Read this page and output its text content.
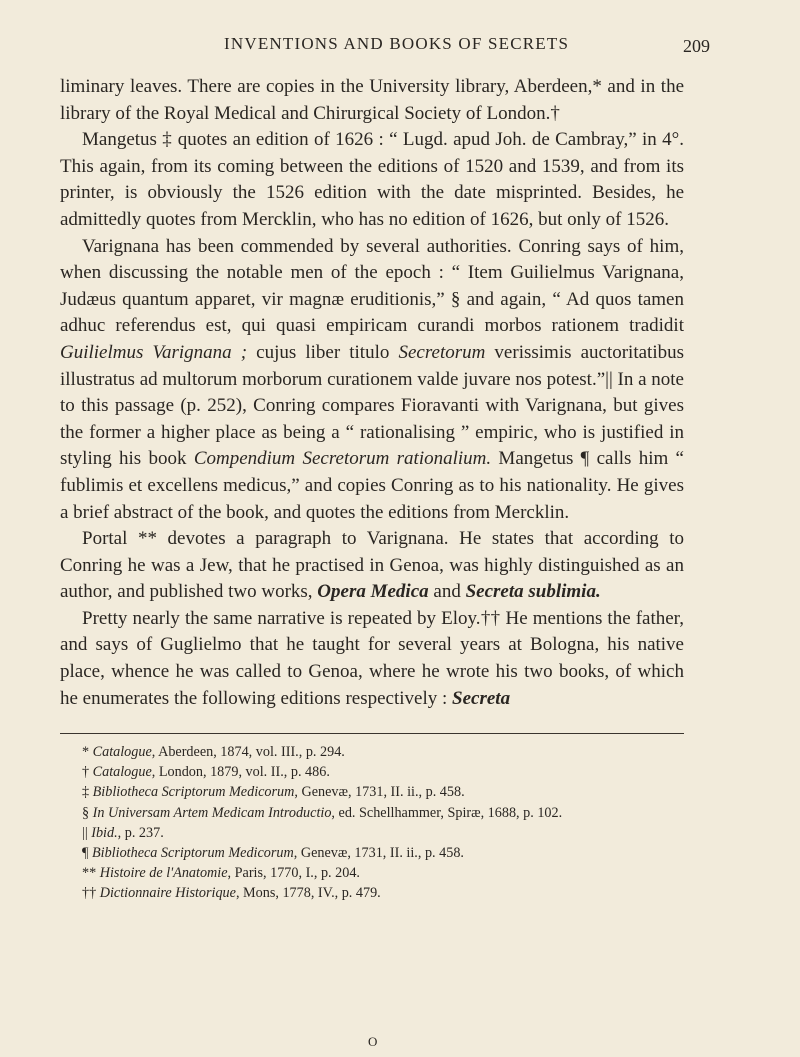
INVENTIONS AND BOOKS OF SECRETS	209

liminary leaves. There are copies in the University library, Aberdeen,* and in the library of the Royal Medical and Chirurgical Society of London.†

Mangetus ‡ quotes an edition of 1626 : “ Lugd. apud Joh. de Cambray,” in 4°. This again, from its coming between the editions of 1520 and 1539, and from its printer, is obviously the 1526 edition with the date misprinted. Besides, he admittedly quotes from Mercklin, who has no edition of 1626, but only of 1526.

Varignana has been commended by several authorities. Conring says of him, when discussing the notable men of the epoch : “ Item Guilielmus Varignana, Judæus quantum apparet, vir magnæ eruditionis,” § and again, “ Ad quos tamen adhuc referendus est, qui quasi empiricam curandi morbos rationem tradidit Guilielmus Varignana ; cujus liber titulo Secretorum verissimis auctoritatibus illustratus ad multorum morborum curationem valde juvare nos potest.”|| In a note to this passage (p. 252), Conring compares Fioravanti with Varignana, but gives the former a higher place as being a “ rationalising ” empiric, who is justified in styling his book Compendium Secretorum rationalium. Mangetus ¶ calls him “ fublimis et excellens medicus,” and copies Conring as to his nationality. He gives a brief abstract of the book, and quotes the editions from Mercklin.

Portal ** devotes a paragraph to Varignana. He states that according to Conring he was a Jew, that he practised in Genoa, was highly distinguished as an author, and published two works, Opera Medica and Secreta sublimia.

Pretty nearly the same narrative is repeated by Eloy.†† He mentions the father, and says of Guglielmo that he taught for several years at Bologna, his native place, whence he was called to Genoa, where he wrote his two books, of which he enumerates the following editions respectively : Secreta

* Catalogue, Aberdeen, 1874, vol. III., p. 294.
† Catalogue, London, 1879, vol. II., p. 486.
‡ Bibliotheca Scriptorum Medicorum, Genevæ, 1731, II. ii., p. 458.
§ In Universam Artem Medicam Introductio, ed. Schellhammer, Spiræ, 1688, p. 102.
|| Ibid., p. 237.
¶ Bibliotheca Scriptorum Medicorum, Genevæ, 1731, II. ii., p. 458.
** Histoire de l'Anatomie, Paris, 1770, I., p. 204.
†† Dictionnaire Historique, Mons, 1778, IV., p. 479.
O
